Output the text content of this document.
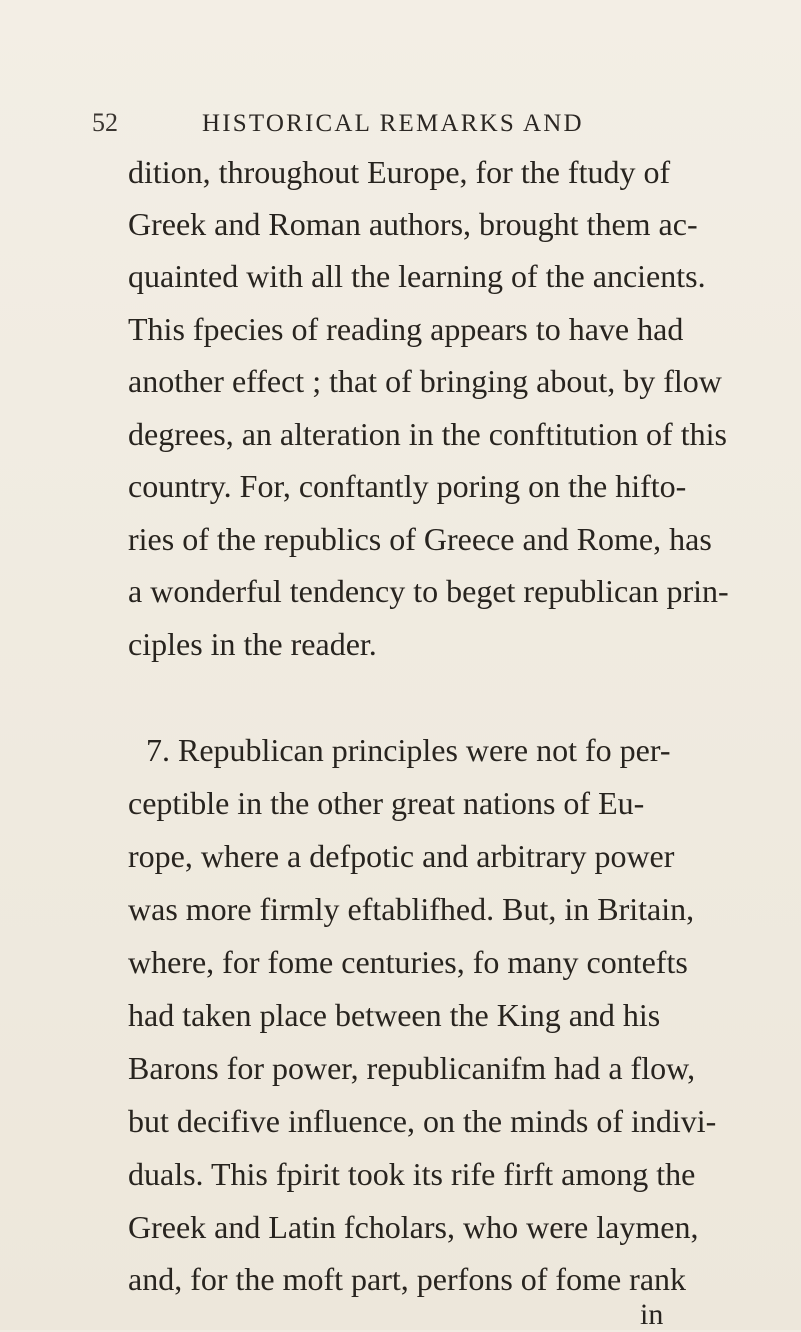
52	HISTORICAL REMARKS AND
dition, throughout Europe, for the ftudy of
Greek and Roman authors, brought them ac-
quainted with all the learning of the ancients.
This fpecies of reading appears to have had
another effect ; that of bringing about, by flow
degrees, an alteration in the conftitution of this
country. For, conftantly poring on the hifto-
ries of the republics of Greece and Rome, has
a wonderful tendency to beget republican prin-
ciples in the reader.
7. Republican principles were not fo per-
ceptible in the other great nations of Eu-
rope, where a defpotic and arbitrary power
was more firmly eftablifhed. But, in Britain,
where, for fome centuries, fo many contefts
had taken place between the King and his
Barons for power, republicanifm had a flow,
but decifive influence, on the minds of indivi-
duals. This fpirit took its rife firft among the
Greek and Latin fcholars, who were laymen,
and, for the moft part, perfons of fome rank
in
